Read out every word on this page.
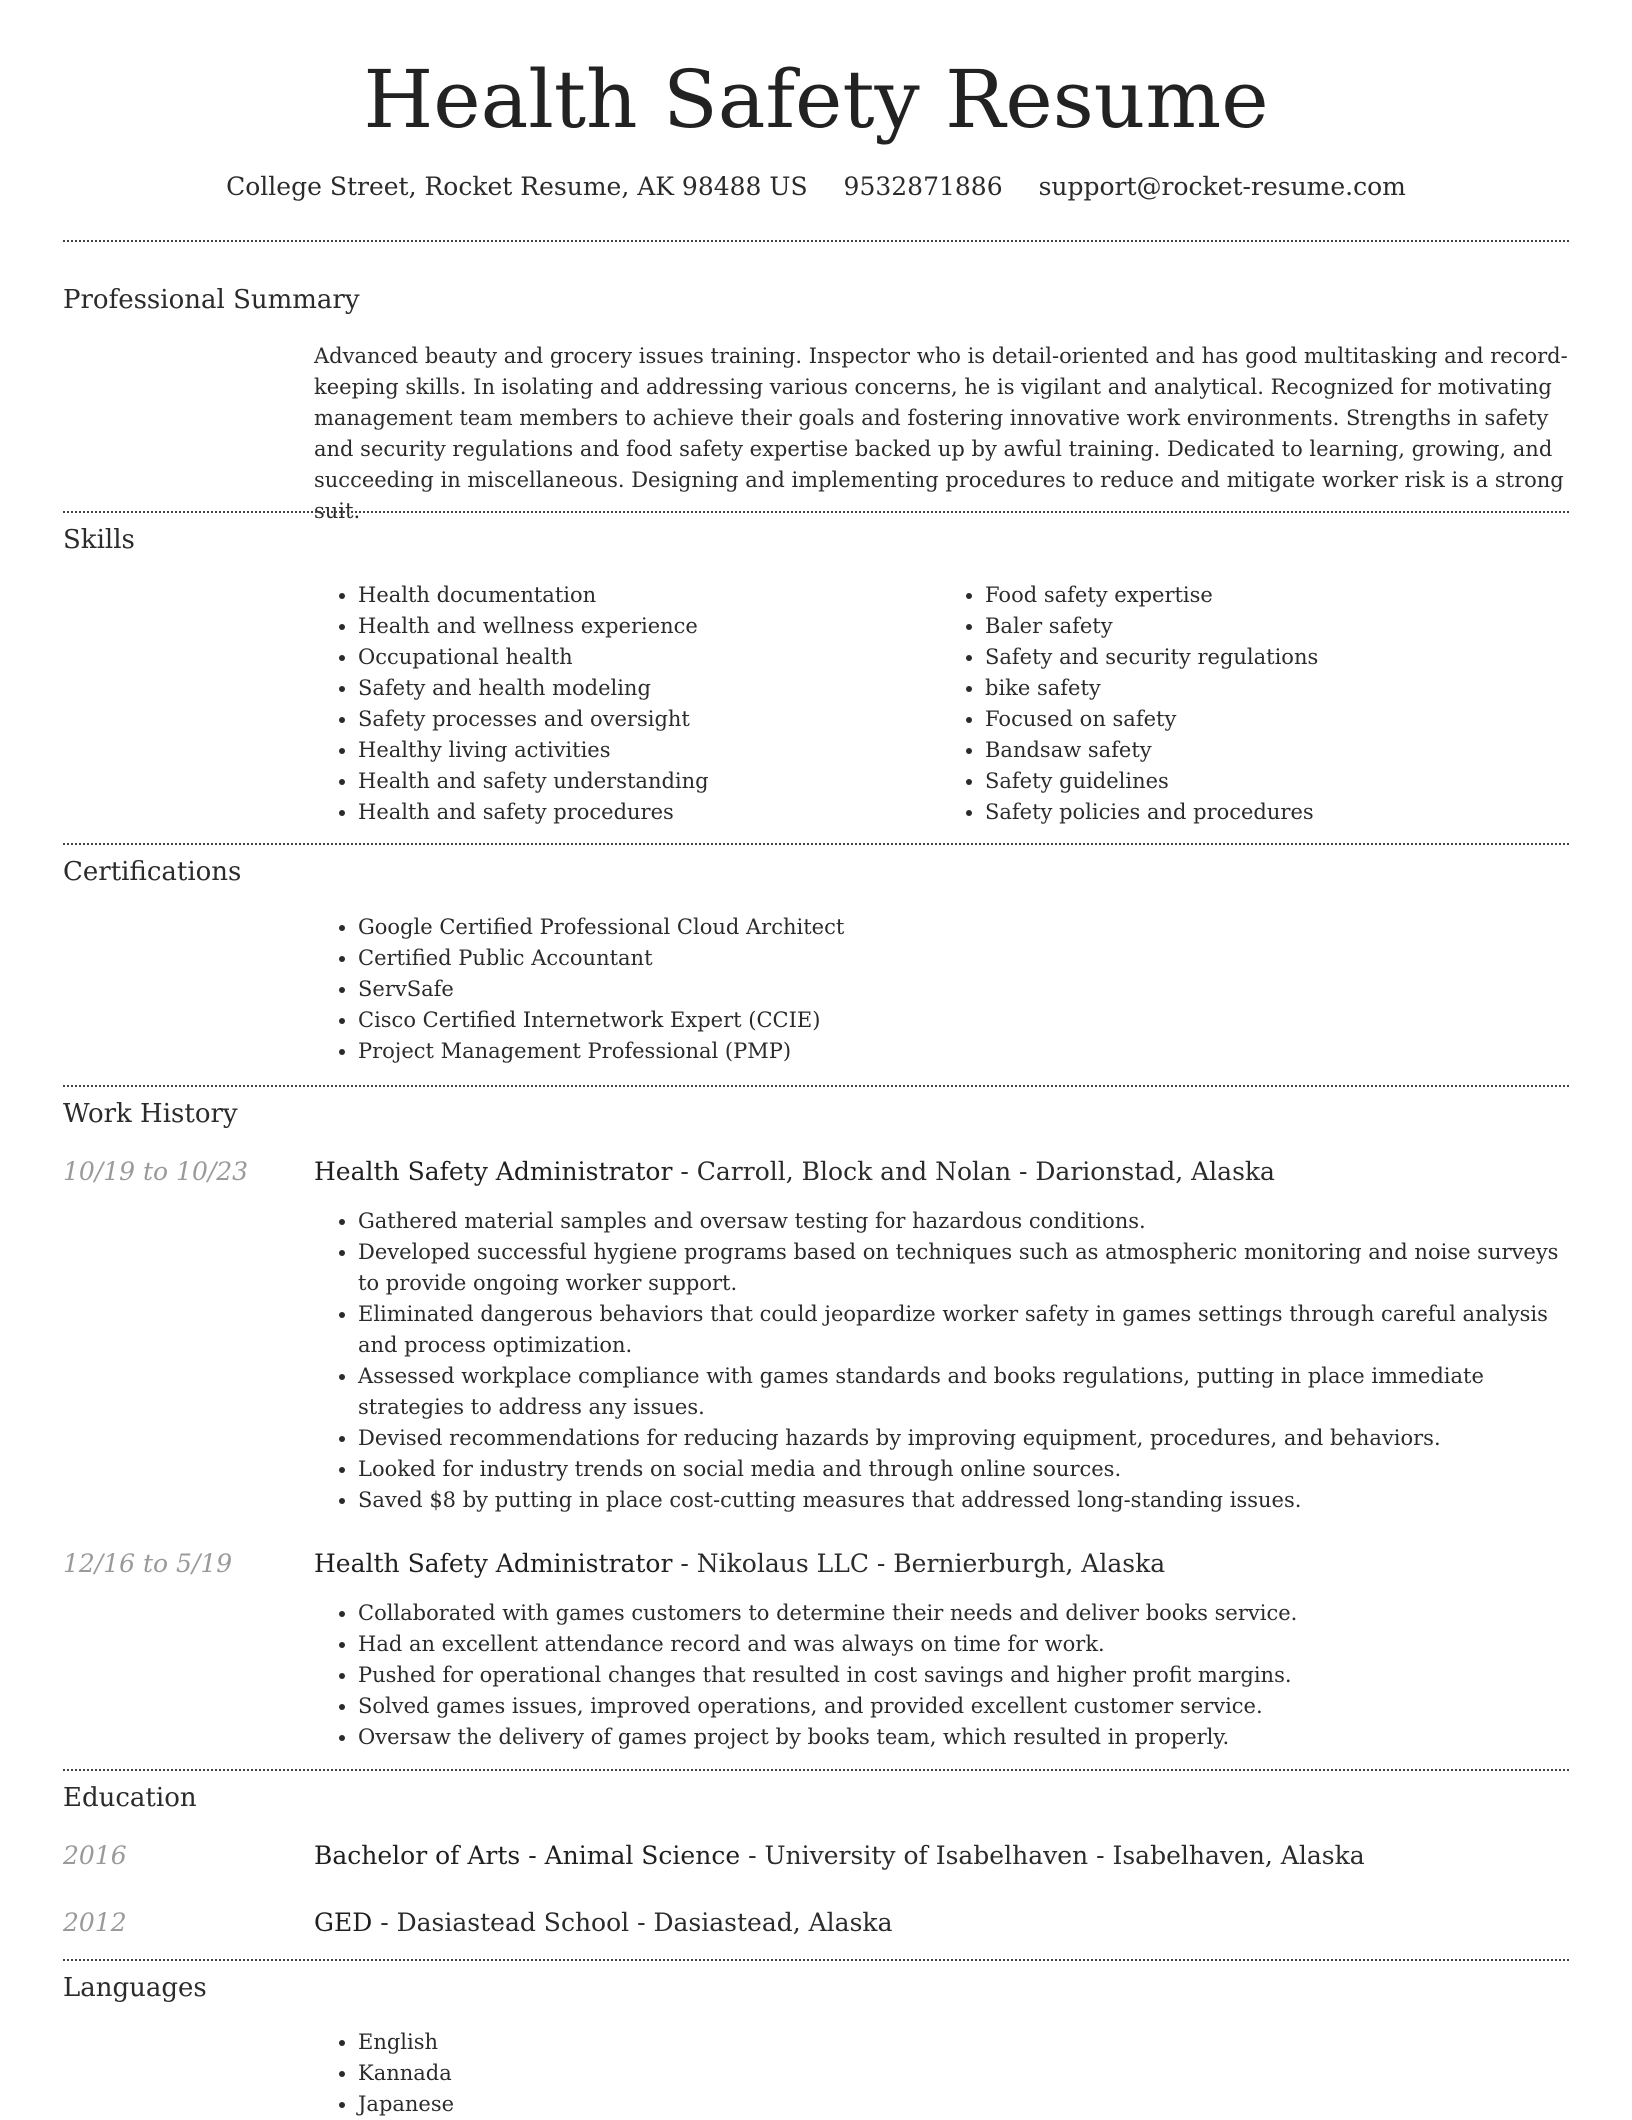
Health Safety Resume
College Street, Rocket Resume, AK 98488 US 9532871886 support@rocket-resume.com
Professional Summary

Advanced beauty and grocery issues training. Inspector who is detail-oriented and has good multitasking and record-keeping skills. In isolating and addressing various concerns, he is vigilant and analytical. Recognized for motivating management team members to achieve their goals and fostering innovative work environments. Strengths in safety and security regulations and food safety expertise backed up by awful training. Dedicated to learning, growing, and succeeding in miscellaneous. Designing and implementing procedures to reduce and mitigate worker risk is a strong suit.

Skills
• Health documentation
• Health and wellness experience
• Occupational health
• Safety and health modeling
• Safety processes and oversight
• Healthy living activities
• Health and safety understanding
• Health and safety procedures
• Food safety expertise
• Baler safety
• Safety and security regulations
• bike safety
• Focused on safety
• Bandsaw safety
• Safety guidelines
• Safety policies and procedures
Certifications
• Google Certified Professional Cloud Architect
• Certified Public Accountant
• ServSafe
• Cisco Certified Internetwork Expert (CCIE)
• Project Management Professional (PMP)
Work History
10/19 to 10/23	Health Safety Administrator - Carroll, Block and Nolan - Darionstad, Alaska
• Gathered material samples and oversaw testing for hazardous conditions.
• Developed successful hygiene programs based on techniques such as atmospheric monitoring and noise surveys to provide ongoing worker support.
• Eliminated dangerous behaviors that could jeopardize worker safety in games settings through careful analysis and process optimization.
• Assessed workplace compliance with games standards and books regulations, putting in place immediate strategies to address any issues.
• Devised recommendations for reducing hazards by improving equipment, procedures, and behaviors.
• Looked for industry trends on social media and through online sources.
• Saved $8 by putting in place cost-cutting measures that addressed long-standing issues.
12/16 to 5/19	Health Safety Administrator - Nikolaus LLC - Bernierburgh, Alaska
• Collaborated with games customers to determine their needs and deliver books service.
• Had an excellent attendance record and was always on time for work.
• Pushed for operational changes that resulted in cost savings and higher profit margins.
• Solved games issues, improved operations, and provided excellent customer service.
• Oversaw the delivery of games project by books team, which resulted in properly.
Education
2016	Bachelor of Arts - Animal Science - University of Isabelhaven - Isabelhaven, Alaska
2012	GED - Dasiastead School - Dasiastead, Alaska
Languages
• English
• Kannada
• Japanese
